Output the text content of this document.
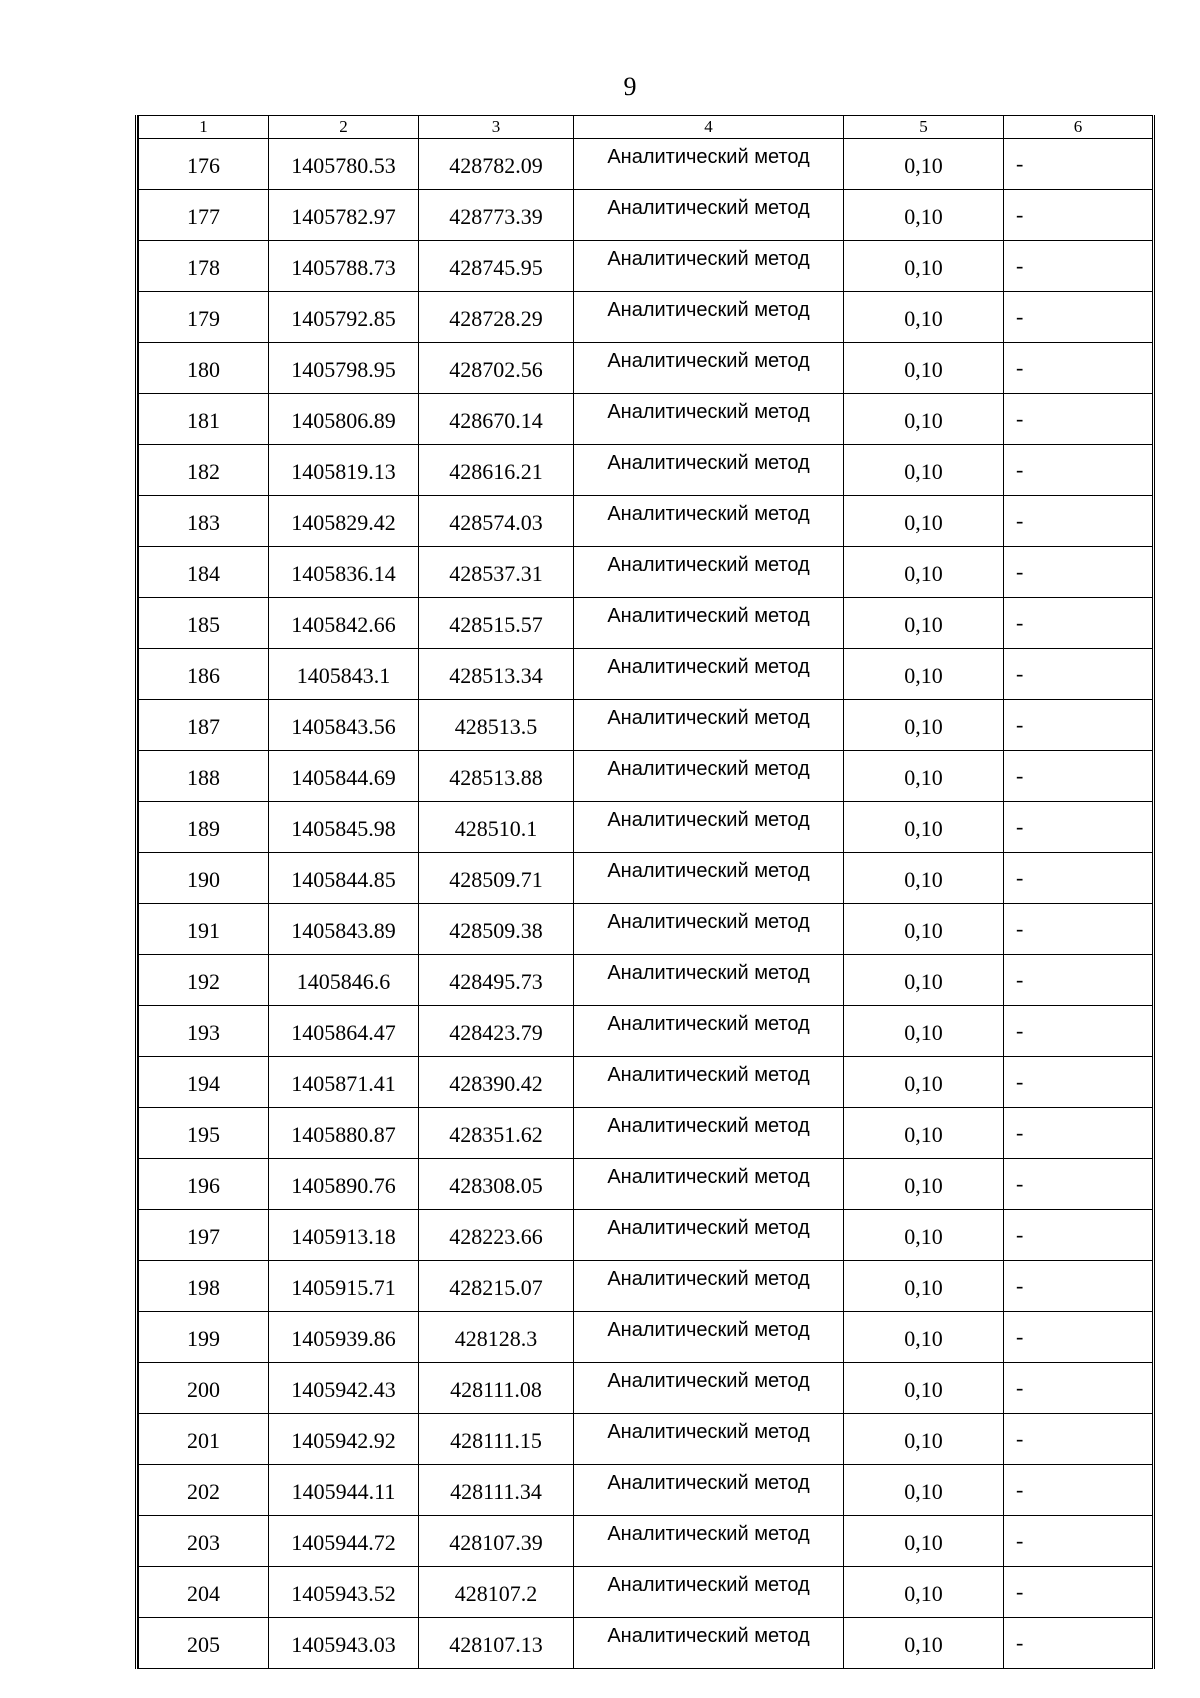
9
1	2	3	4	5	6
176	1405780.53	428782.09	Аналитический метод	0,10	-
177	1405782.97	428773.39	Аналитический метод	0,10	-
178	1405788.73	428745.95	Аналитический метод	0,10	-
179	1405792.85	428728.29	Аналитический метод	0,10	-
180	1405798.95	428702.56	Аналитический метод	0,10	-
181	1405806.89	428670.14	Аналитический метод	0,10	-
182	1405819.13	428616.21	Аналитический метод	0,10	-
183	1405829.42	428574.03	Аналитический метод	0,10	-
184	1405836.14	428537.31	Аналитический метод	0,10	-
185	1405842.66	428515.57	Аналитический метод	0,10	-
186	1405843.1	428513.34	Аналитический метод	0,10	-
187	1405843.56	428513.5	Аналитический метод	0,10	-
188	1405844.69	428513.88	Аналитический метод	0,10	-
189	1405845.98	428510.1	Аналитический метод	0,10	-
190	1405844.85	428509.71	Аналитический метод	0,10	-
191	1405843.89	428509.38	Аналитический метод	0,10	-
192	1405846.6	428495.73	Аналитический метод	0,10	-
193	1405864.47	428423.79	Аналитический метод	0,10	-
194	1405871.41	428390.42	Аналитический метод	0,10	-
195	1405880.87	428351.62	Аналитический метод	0,10	-
196	1405890.76	428308.05	Аналитический метод	0,10	-
197	1405913.18	428223.66	Аналитический метод	0,10	-
198	1405915.71	428215.07	Аналитический метод	0,10	-
199	1405939.86	428128.3	Аналитический метод	0,10	-
200	1405942.43	428111.08	Аналитический метод	0,10	-
201	1405942.92	428111.15	Аналитический метод	0,10	-
202	1405944.11	428111.34	Аналитический метод	0,10	-
203	1405944.72	428107.39	Аналитический метод	0,10	-
204	1405943.52	428107.2	Аналитический метод	0,10	-
205	1405943.03	428107.13	Аналитический метод	0,10	-
